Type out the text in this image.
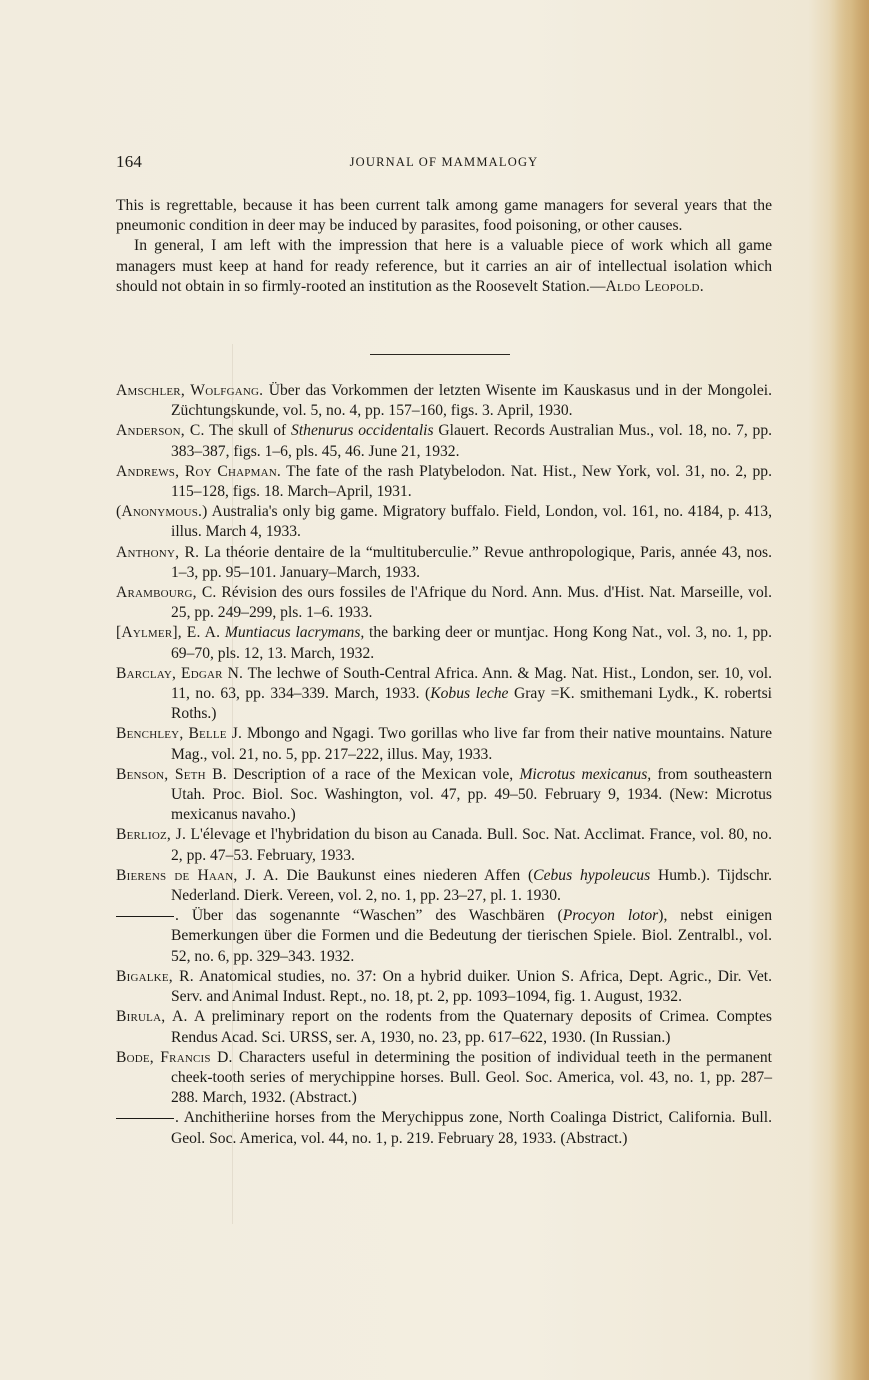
164	JOURNAL OF MAMMALOGY

This is regrettable, because it has been current talk among game managers for several years that the pneumonic condition in deer may be induced by parasites, food poisoning, or other causes.

In general, I am left with the impression that here is a valuable piece of work which all game managers must keep at hand for ready reference, but it carries an air of intellectual isolation which should not obtain in so firmly-rooted an institution as the Roosevelt Station.—Aldo Leopold.

Amschler, Wolfgang. Über das Vorkommen der letzten Wisente im Kauskasus und in der Mongolei. Züchtungskunde, vol. 5, no. 4, pp. 157–160, figs. 3. April, 1930.

Anderson, C. The skull of Sthenurus occidentalis Glauert. Records Australian Mus., vol. 18, no. 7, pp. 383–387, figs. 1–6, pls. 45, 46. June 21, 1932.

Andrews, Roy Chapman. The fate of the rash Platybelodon. Nat. Hist., New York, vol. 31, no. 2, pp. 115–128, figs. 18. March–April, 1931.

(Anonymous.) Australia's only big game. Migratory buffalo. Field, London, vol. 161, no. 4184, p. 413, illus. March 4, 1933.

Anthony, R. La théorie dentaire de la “multituberculie.” Revue anthropologique, Paris, année 43, nos. 1–3, pp. 95–101. January–March, 1933.

Arambourg, C. Révision des ours fossiles de l'Afrique du Nord. Ann. Mus. d'Hist. Nat. Marseille, vol. 25, pp. 249–299, pls. 1–6. 1933.

[Aylmer], E. A. Muntiacus lacrymans, the barking deer or muntjac. Hong Kong Nat., vol. 3, no. 1, pp. 69–70, pls. 12, 13. March, 1932.

Barclay, Edgar N. The lechwe of South-Central Africa. Ann. & Mag. Nat. Hist., London, ser. 10, vol. 11, no. 63, pp. 334–339. March, 1933. (Kobus leche Gray =K. smithemani Lydk., K. robertsi Roths.)

Benchley, Belle J. Mbongo and Ngagi. Two gorillas who live far from their native mountains. Nature Mag., vol. 21, no. 5, pp. 217–222, illus. May, 1933.

Benson, Seth B. Description of a race of the Mexican vole, Microtus mexicanus, from southeastern Utah. Proc. Biol. Soc. Washington, vol. 47, pp. 49–50. February 9, 1934. (New: Microtus mexicanus navaho.)

Berlioz, J. L'élevage et l'hybridation du bison au Canada. Bull. Soc. Nat. Acclimat. France, vol. 80, no. 2, pp. 47–53. February, 1933.

Bierens de Haan, J. A. Die Baukunst eines niederen Affen (Cebus hypoleucus Humb.). Tijdschr. Nederland. Dierk. Vereen, vol. 2, no. 1, pp. 23–27, pl. 1. 1930.

. Über das sogenannte “Waschen” des Waschbären (Procyon lotor), nebst einigen Bemerkungen über die Formen und die Bedeutung der tierischen Spiele. Biol. Zentralbl., vol. 52, no. 6, pp. 329–343. 1932.

Bigalke, R. Anatomical studies, no. 37: On a hybrid duiker. Union S. Africa, Dept. Agric., Dir. Vet. Serv. and Animal Indust. Rept., no. 18, pt. 2, pp. 1093–1094, fig. 1. August, 1932.

Birula, A. A preliminary report on the rodents from the Quaternary deposits of Crimea. Comptes Rendus Acad. Sci. URSS, ser. A, 1930, no. 23, pp. 617–622, 1930. (In Russian.)

Bode, Francis D. Characters useful in determining the position of individual teeth in the permanent cheek-tooth series of merychippine horses. Bull. Geol. Soc. America, vol. 43, no. 1, pp. 287–288. March, 1932. (Abstract.)

. Anchitheriine horses from the Merychippus zone, North Coalinga District, California. Bull. Geol. Soc. America, vol. 44, no. 1, p. 219. February 28, 1933. (Abstract.)
